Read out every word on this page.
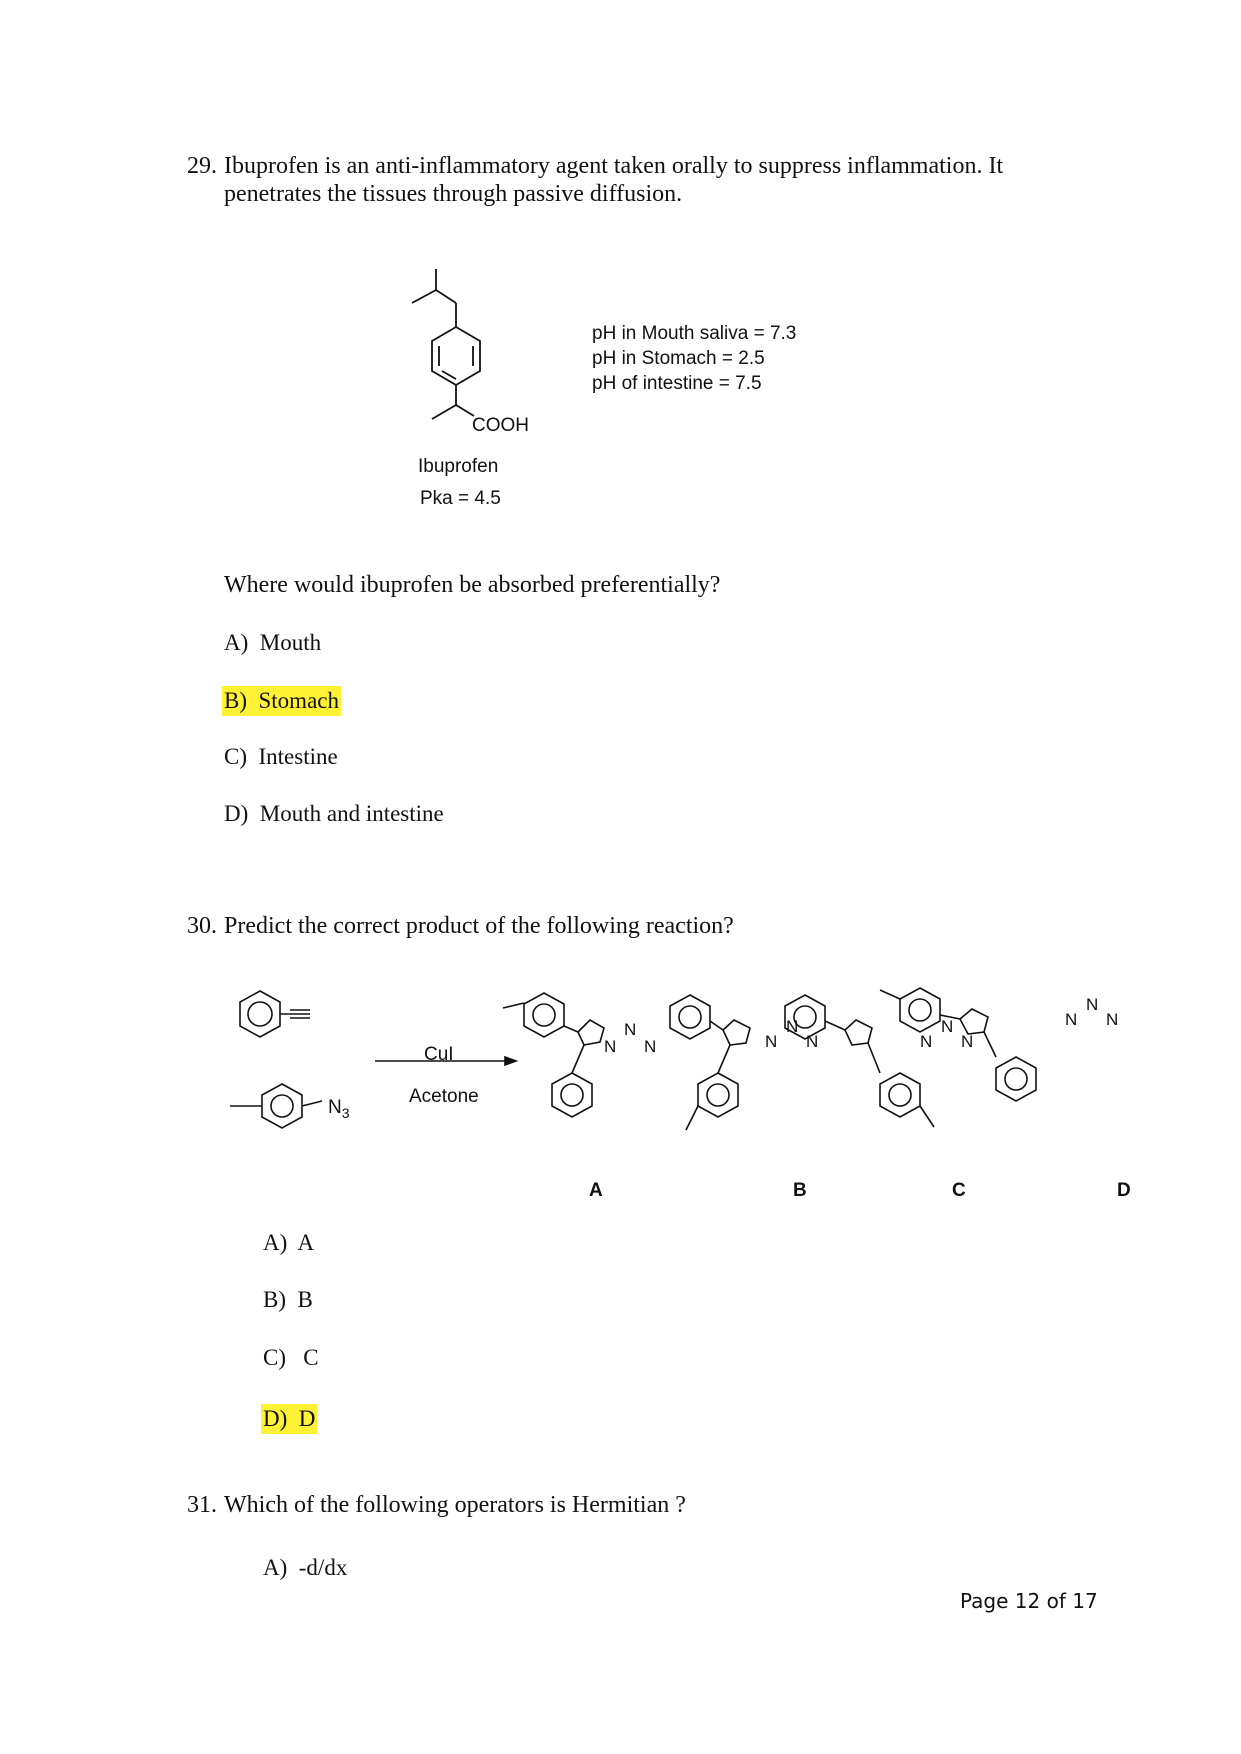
29. Ibuprofen is an anti-inflammatory agent taken orally to suppress inflammation. It
penetrates the tissues through passive diffusion.
COOH
Ibuprofen
Pka = 4.5
pH in Mouth saliva = 7.3
pH in Stomach = 2.5
pH of intestine = 7.5
Where would ibuprofen be absorbed preferentially?
A)  Mouth
B)  Stomach
C)  Intestine
D)  Mouth and intestine
30. Predict the correct product of the following reaction?
CuI
Acetone
$N_3$
N
N
N	N
N
N	N
N
N
N
N
N
A	B	C	D
A)  A
B)  B
C)   C
D)  D
31. Which of the following operators is Hermitian ?
A)  -d/dx
Page 12 of 17
